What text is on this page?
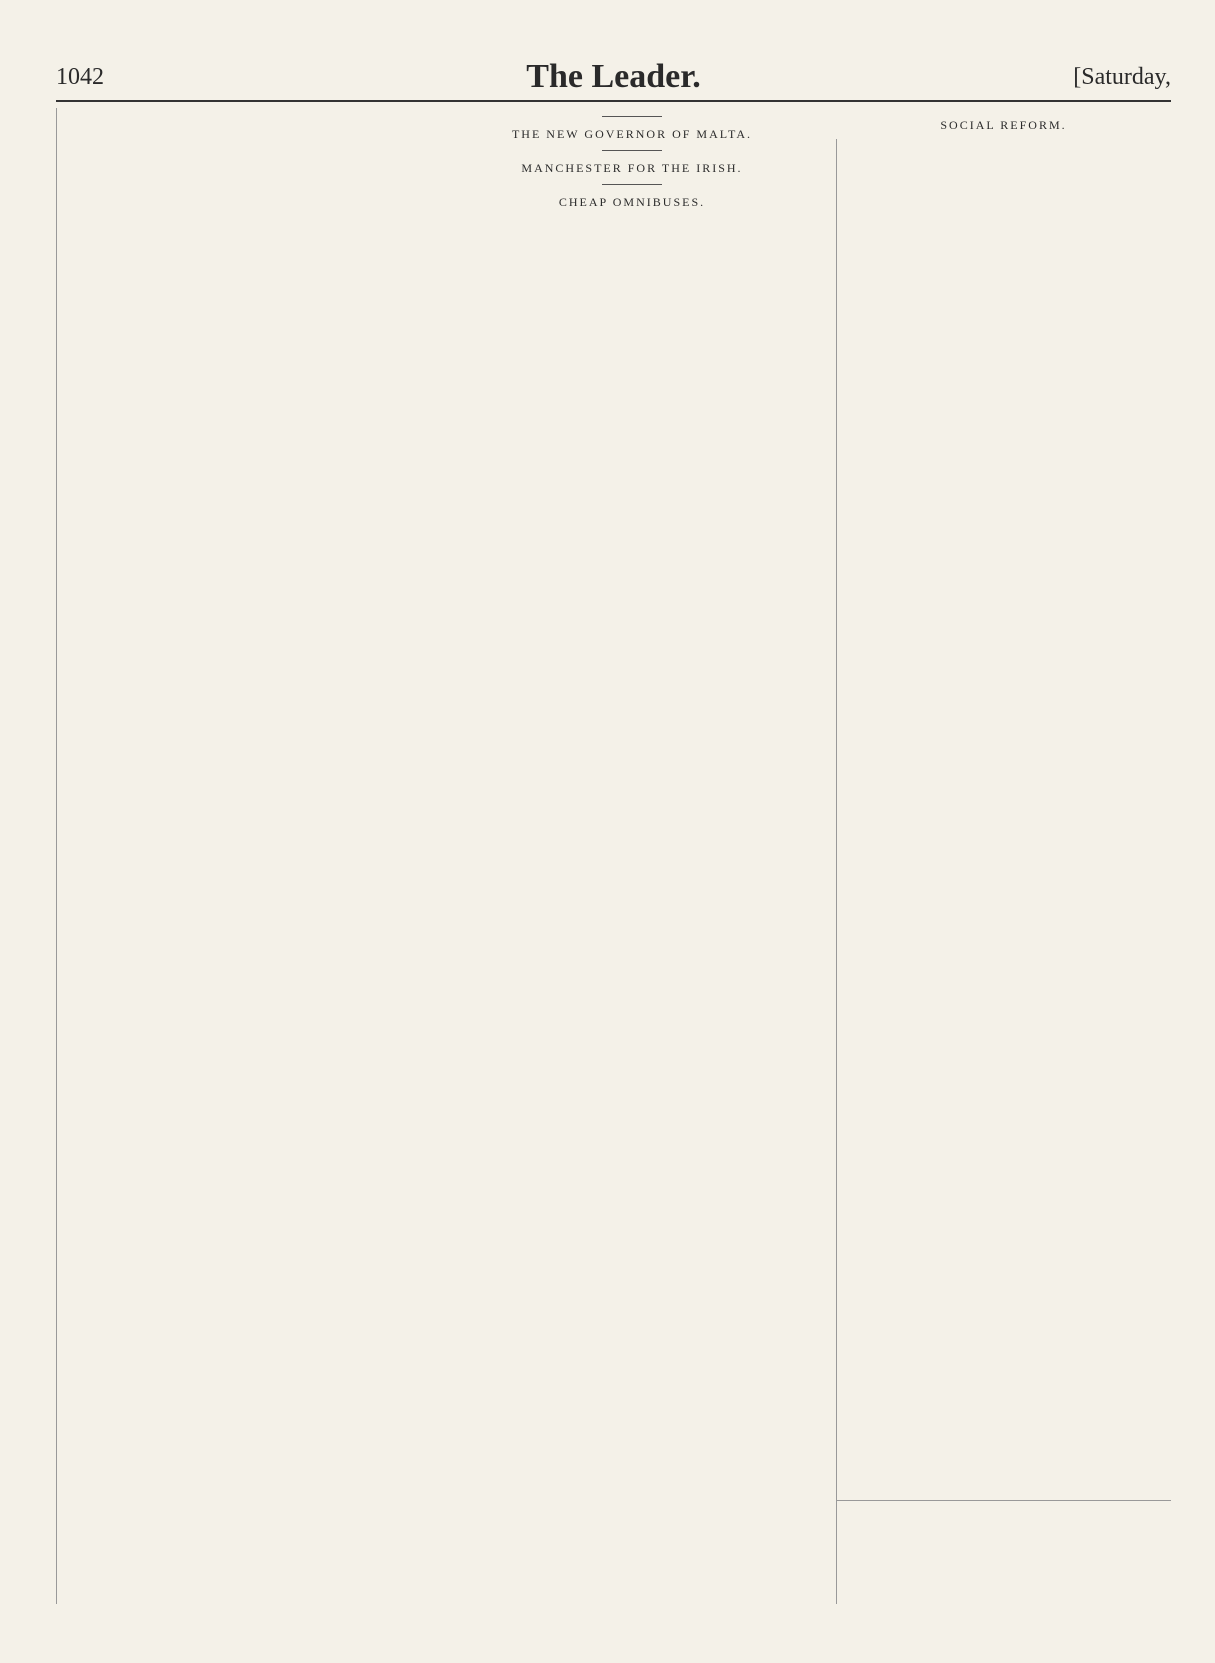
1042	The Leader.	[Saturday,
THE NEW GOVERNOR OF MALTA.
MANCHESTER FOR THE IRISH.
CHEAP OMNIBUSES.
SOCIAL REFORM.
